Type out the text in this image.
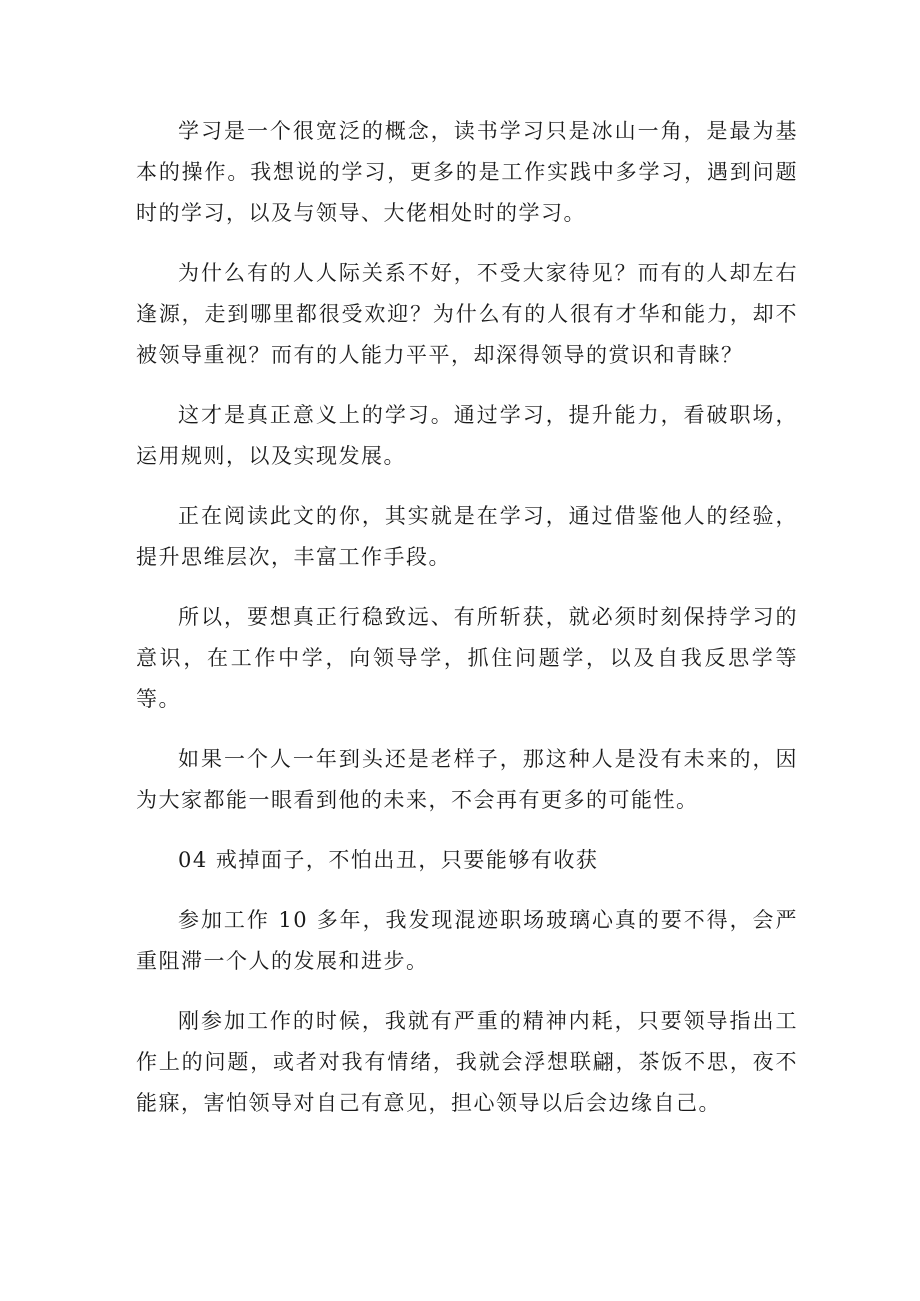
学习是一个很宽泛的概念，读书学习只是冰山一角，是最为基本的操作。我想说的学习，更多的是工作实践中多学习，遇到问题时的学习，以及与领导、大佬相处时的学习。

为什么有的人人际关系不好，不受大家待见？而有的人却左右逢源，走到哪里都很受欢迎？为什么有的人很有才华和能力，却不被领导重视？而有的人能力平平，却深得领导的赏识和青睐？

这才是真正意义上的学习。通过学习，提升能力，看破职场，运用规则，以及实现发展。

正在阅读此文的你，其实就是在学习，通过借鉴他人的经验，提升思维层次，丰富工作手段。

所以，要想真正行稳致远、有所斩获，就必须时刻保持学习的意识，在工作中学，向领导学，抓住问题学，以及自我反思学等等。

如果一个人一年到头还是老样子，那这种人是没有未来的，因为大家都能一眼看到他的未来，不会再有更多的可能性。

04 戒掉面子，不怕出丑，只要能够有收获

参加工作 10 多年，我发现混迹职场玻璃心真的要不得，会严重阻滞一个人的发展和进步。

刚参加工作的时候，我就有严重的精神内耗，只要领导指出工作上的问题，或者对我有情绪，我就会浮想联翩，茶饭不思，夜不能寐，害怕领导对自己有意见，担心领导以后会边缘自己。
